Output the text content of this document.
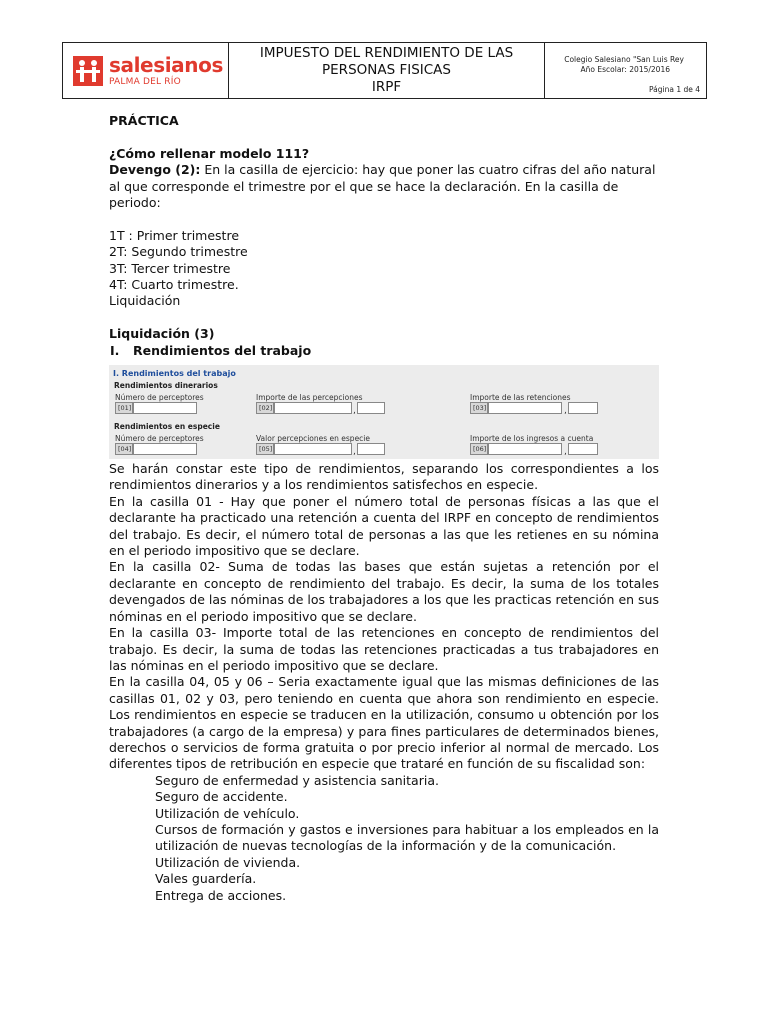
salesianos
PALMA DEL RÍO
IMPUESTO DEL RENDIMIENTO DE LAS
PERSONAS FISICAS
IRPF
Colegio Salesiano "San Luis Rey
Año Escolar: 2015/2016
Página 1 de 4

PRÁCTICA

¿Cómo rellenar modelo 111?

Devengo (2): En la casilla de ejercicio: hay que poner las cuatro cifras del año natural al que corresponde el trimestre por el que se hace la declaración. En la casilla de periodo:

1T : Primer trimestre

2T: Segundo trimestre

3T: Tercer trimestre

4T: Cuarto trimestre.

Liquidación

Liquidación (3)

I.	Rendimientos del trabajo
I. Rendimientos del trabajo
Rendimientos dinerarios
Número de perceptores	Importe de las percepciones	Importe de las retenciones
[01]	[02]	,	[03]	,
Rendimientos en especie
Número de perceptores	Valor percepciones en especie	Importe de los ingresos a cuenta
[04]	[05]	,	[06]	,

Se harán constar este tipo de rendimientos, separando los correspondientes a los rendimientos dinerarios y a los rendimientos satisfechos en especie.

En la casilla 01 - Hay que poner el número total de personas físicas a las que el declarante ha practicado una retención a cuenta del IRPF en concepto de rendimientos del trabajo. Es decir, el número total de personas a las que les retienes en su nómina en el periodo impositivo que se declare.

En la casilla 02- Suma de todas las bases que están sujetas a retención por el declarante en concepto de rendimiento del trabajo. Es decir, la suma de los totales devengados de las nóminas de los trabajadores a los que les practicas retención en sus nóminas en el periodo impositivo que se declare.

En la casilla 03- Importe total de las retenciones en concepto de rendimientos del trabajo. Es decir, la suma de todas las retenciones practicadas a tus trabajadores en las nóminas en el periodo impositivo que se declare.

En la casilla 04, 05 y 06 – Seria exactamente igual que las mismas definiciones de las casillas 01, 02 y 03, pero teniendo en cuenta que ahora son rendimiento en especie. Los rendimientos en especie se traducen en la utilización, consumo u obtención por los trabajadores (a cargo de la empresa) y para fines particulares de determinados bienes, derechos o servicios de forma gratuita o por precio inferior al normal de mercado. Los diferentes tipos de retribución en especie que trataré en función de su fiscalidad son:

Seguro de enfermedad y asistencia sanitaria.

Seguro de accidente.

Utilización de vehículo.

Cursos de formación y gastos e inversiones para habituar a los empleados en la utilización de nuevas tecnologías de la información y de la comunicación.

Utilización de vivienda.

Vales guardería.

Entrega de acciones.
